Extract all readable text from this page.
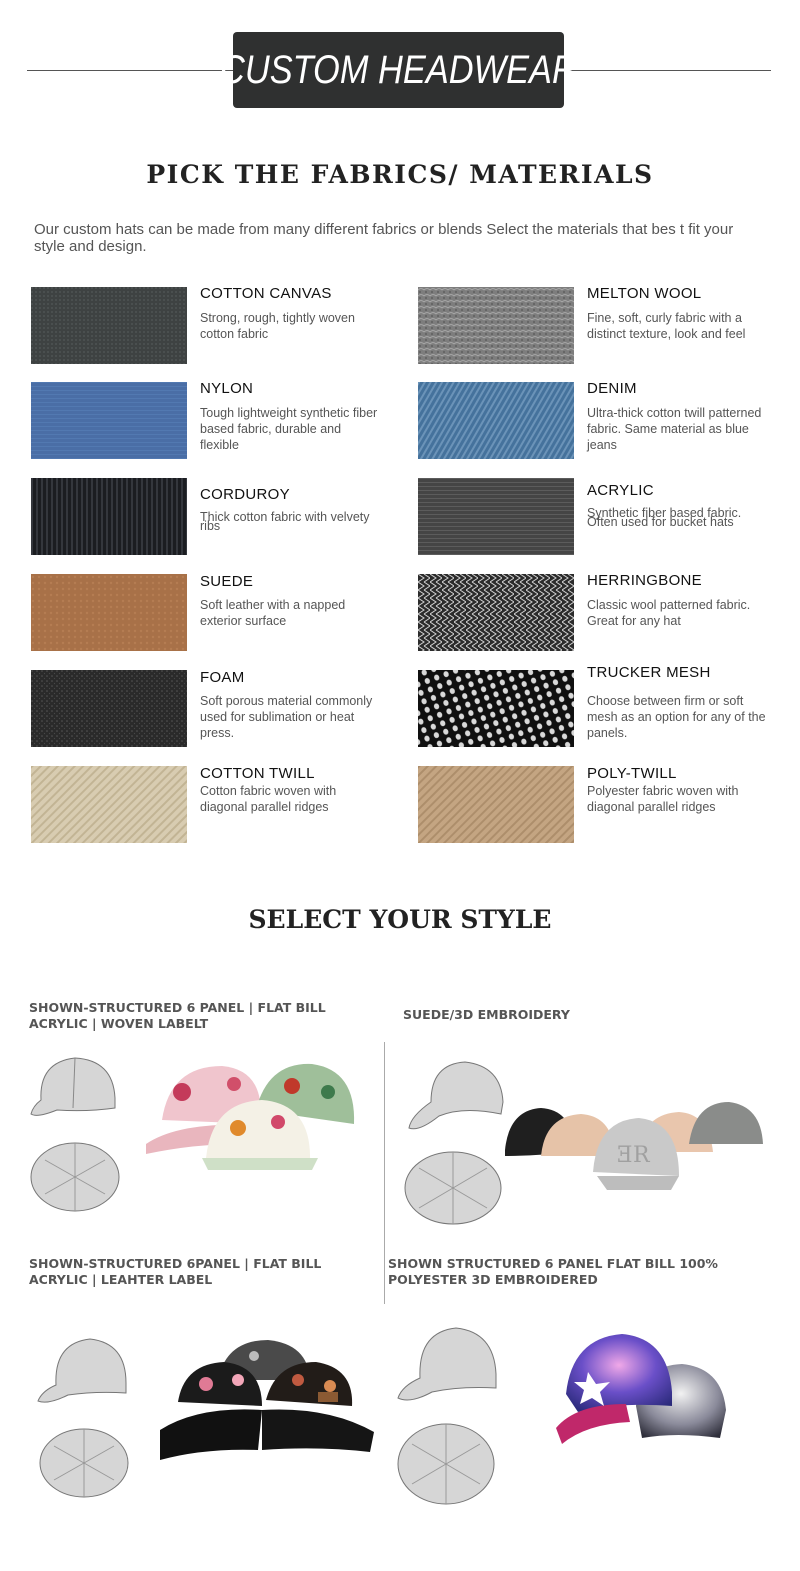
CUSTOM HEADWEAR
PICK THE FABRICS/ MATERIALS
Our custom hats can be made from many different fabrics or blends Select the materials that bes t fit your style and design.
COTTON CANVAS
Strong, rough, tightly woven cotton fabric
MELTON WOOL
Fine, soft, curly fabric with a distinct texture, look and feel
NYLON
Tough lightweight synthetic fiber based fabric, durable and flexible
DENIM
Ultra-thick cotton twill patterned fabric. Same material as blue jeans
CORDUROY
Thick cotton fabric with velvety ribs
ACRYLIC
Synthetic fiber based fabric. Often used for bucket hats
SUEDE
Soft leather with a napped exterior surface
HERRINGBONE
Classic wool patterned fabric. Great for any hat
FOAM
Soft porous material commonly used for sublimation or heat press.
TRUCKER MESH
Choose between firm or soft mesh as an option for any of the panels.
COTTON TWILL
Cotton fabric woven with diagonal parallel ridges
POLY-TWILL
Polyester fabric woven with diagonal parallel ridges
SELECT YOUR STYLE
SHOWN-STRUCTURED 6 PANEL | FLAT BILL
ACRYLIC | WOVEN LABELT
SUEDE/3D EMBROIDERY
SHOWN-STRUCTURED 6PANEL | FLAT BILL
ACRYLIC | LEAHTER LABEL
SHOWN STRUCTURED 6 PANEL FLAT BILL 100%
POLYESTER 3D EMBROIDERED
ƎR
